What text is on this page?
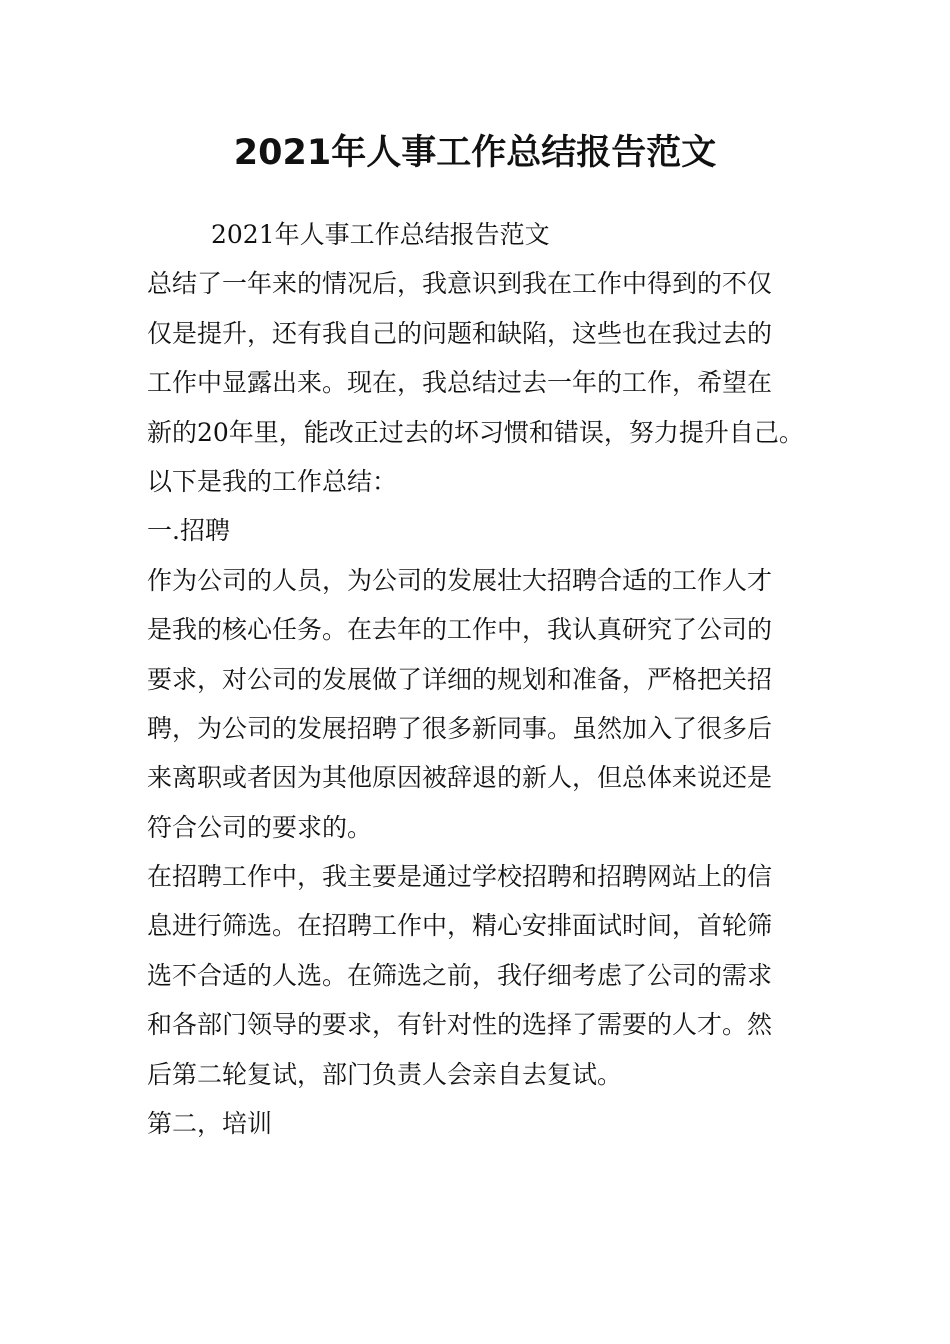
2021年人事工作总结报告范文
2021年人事工作总结报告范文
总结了一年来的情况后，我意识到我在工作中得到的不仅
仅是提升，还有我自己的问题和缺陷，这些也在我过去的
工作中显露出来。现在，我总结过去一年的工作，希望在
新的20年里，能改正过去的坏习惯和错误，努力提升自己。
以下是我的工作总结：
一.招聘
作为公司的人员，为公司的发展壮大招聘合适的工作人才
是我的核心任务。在去年的工作中，我认真研究了公司的
要求，对公司的发展做了详细的规划和准备，严格把关招
聘，为公司的发展招聘了很多新同事。虽然加入了很多后
来离职或者因为其他原因被辞退的新人，但总体来说还是
符合公司的要求的。
在招聘工作中，我主要是通过学校招聘和招聘网站上的信
息进行筛选。在招聘工作中，精心安排面试时间，首轮筛
选不合适的人选。在筛选之前，我仔细考虑了公司的需求
和各部门领导的要求，有针对性的选择了需要的人才。然
后第二轮复试，部门负责人会亲自去复试。
第二，培训
